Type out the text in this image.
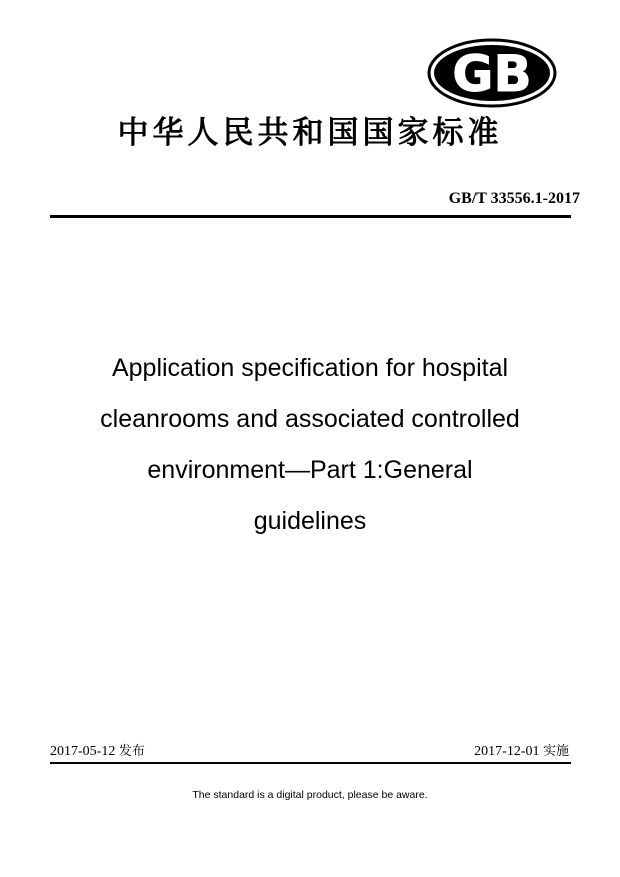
GB
中华人民共和国国家标准
GB/T 33556.1-2017
Application specification for hospital
cleanrooms and associated controlled
environment—Part 1:General
guidelines
2017-05-12 发布	2017-12-01 实施
The standard is a digital product, please be aware.
